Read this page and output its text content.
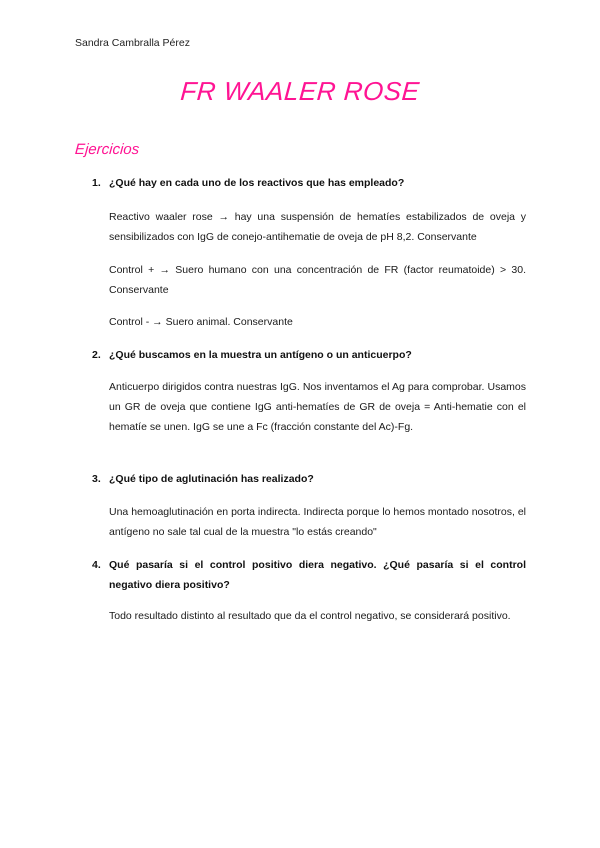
Sandra Cambralla Pérez
FR WAALER ROSE
Ejercicios
1. ¿Qué hay en cada uno de los reactivos que has empleado?
Reactivo waaler rose → hay una suspensión de hematíes estabilizados de oveja y sensibilizados con IgG de conejo-antihematie de oveja de pH 8,2. Conservante
Control + → Suero humano con una concentración de FR (factor reumatoide) > 30. Conservante
Control - → Suero animal. Conservante
2. ¿Qué buscamos en la muestra un antígeno o un anticuerpo?
Anticuerpo dirigidos contra nuestras IgG. Nos inventamos el Ag para comprobar. Usamos un GR de oveja que contiene IgG anti-hematíes de GR de oveja = Anti-hematie con el hematíe se unen. IgG se une a Fc (fracción constante del Ac)-Fg.
3. ¿Qué tipo de aglutinación has realizado?
Una hemoaglutinación en porta indirecta. Indirecta porque lo hemos montado nosotros, el antígeno no sale tal cual de la muestra "lo estás creando"
4. Qué pasaría si el control positivo diera negativo. ¿Qué pasaría si el control negativo diera positivo?
Todo resultado distinto al resultado que da el control negativo, se considerará positivo.
